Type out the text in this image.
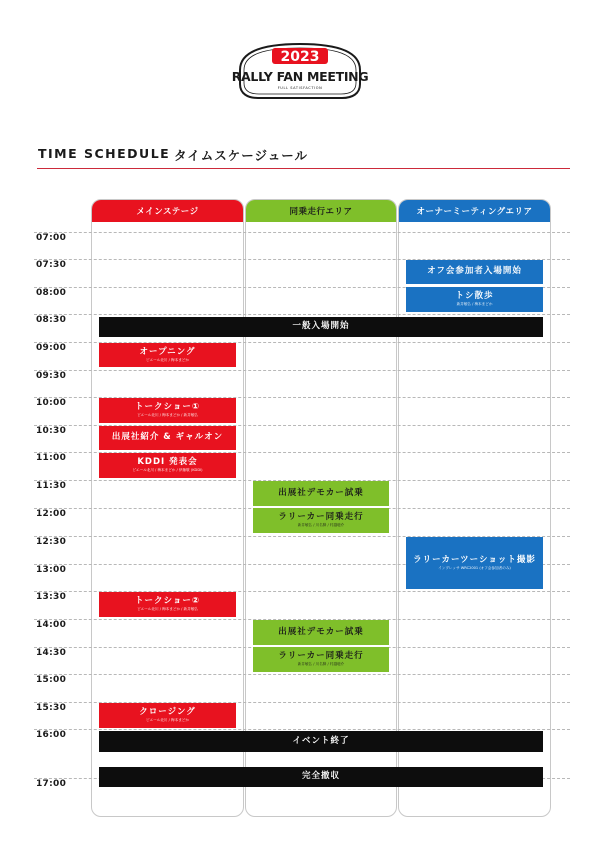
2023
RALLY FAN MEETING
FULL SATISFACTION
TIME SCHEDULE タイムスケージュール
メインステージ	同乗走行エリア	オーナーミーティングエリア
07:00
07:30
08:00
08:30
09:00
09:30
10:00
10:30
11:00
11:30
12:00
12:30
13:00
13:30
14:00
14:30
15:00
15:30
16:00
17:00
オフ会参加者入場開始
トシ散歩
新井敏弘 / 梅本まどか
一般入場開始
オープニング
ピエール北川 / 梅本まどか
トークショー①
ピエール北川 / 梅本まどか / 新井敏弘
出展社紹介 & ギャルオン
KDDI 発表会
ピエール北川 / 梅本まどか / 伊藤敬 (KDDI)
出展社デモカー試乗
ラリーカー同乗走行
新井敏弘 / 川名賢 / 村越聡介
ラリーカーツーショット撮影
インプレッサ WRC2001 (オフ会参加者のみ)
トークショー②
ピエール北川 / 梅本まどか / 新井敏弘
出展社デモカー試乗
ラリーカー同乗走行
新井敏弘 / 川名賢 / 村越聡介
クロージング
ピエール北川 / 梅本まどか
イベント終了
完全撤収
